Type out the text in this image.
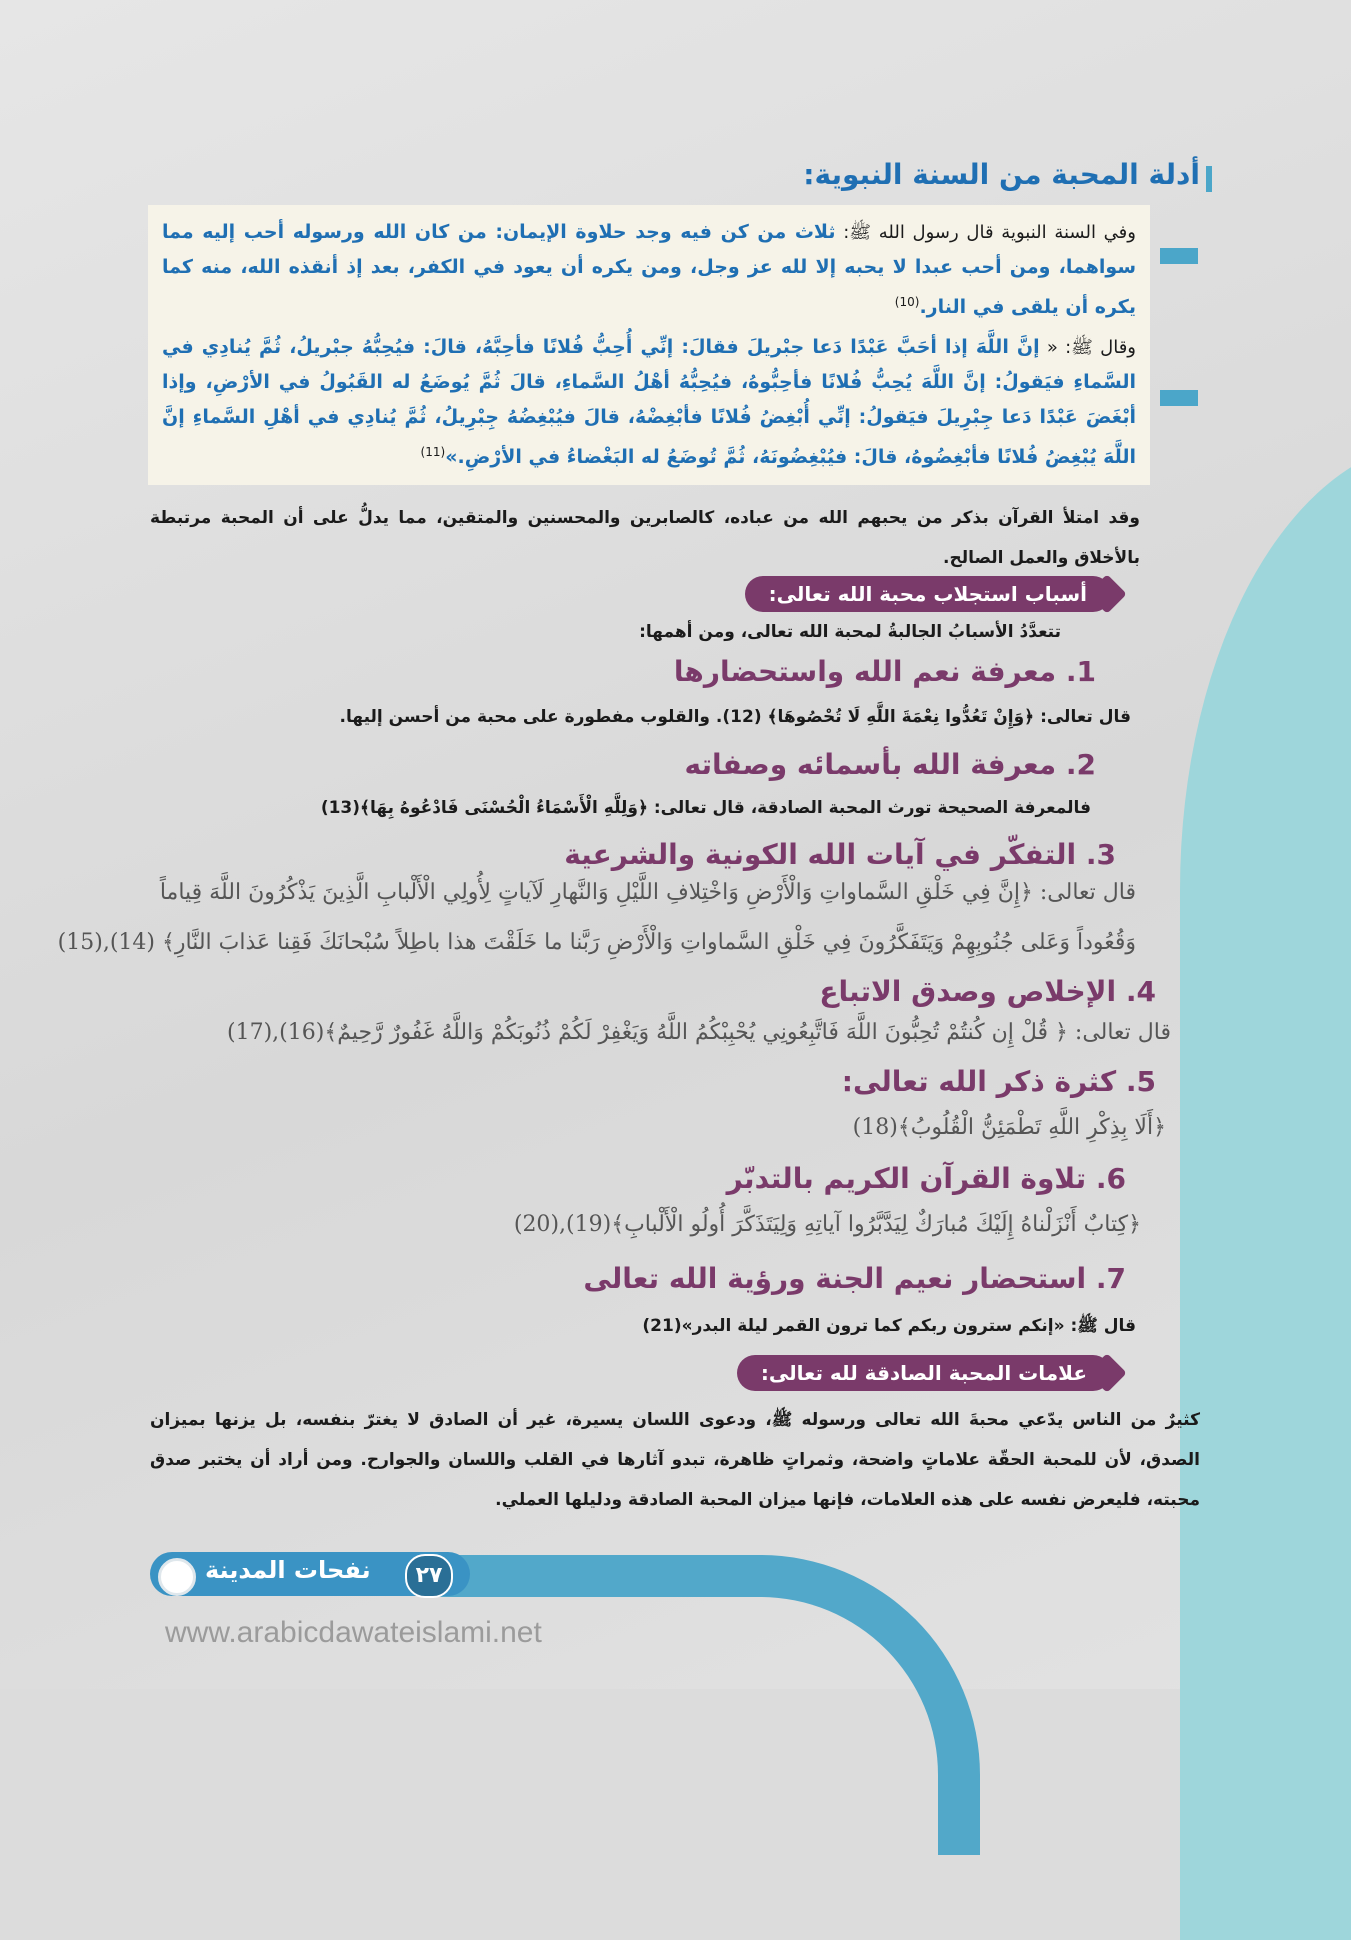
أدلة المحبة من السنة النبوية:
وفي السنة النبوية قال رسول الله ﷺ: ثلاث من كن فيه وجد حلاوة الإيمان: من كان الله ورسوله أحب إليه مما سواهما، ومن أحب عبدا لا يحبه إلا لله عز وجل، ومن يكره أن يعود في الكفر، بعد إذ أنقذه الله، منه كما يكره أن يلقى في النار.$^{(10)}$
وقال ﷺ: « إنَّ اللَّهَ إذا أحَبَّ عَبْدًا دَعا جبْريلَ فقالَ: إنِّي أُحِبُّ فُلانًا فأحِبَّهُ، قالَ: فيُحِبُّهُ جبْريلُ، ثُمَّ يُنادِي في السَّماءِ فيَقولُ: إنَّ اللَّهَ يُحِبُّ فُلانًا فأحِبُّوهُ، فيُحِبُّهُ أهْلُ السَّماءِ، قالَ ثُمَّ يُوضَعُ له القَبُولُ في الأرْضِ، وإذا أبْغَضَ عَبْدًا دَعا جِبْرِيلَ فيَقولُ: إنِّي أُبْغِضُ فُلانًا فأبْغِضْهُ، قالَ فيُبْغِضُهُ جِبْرِيلُ، ثُمَّ يُنادِي في أهْلِ السَّماءِ إنَّ اللَّهَ يُبْغِضُ فُلانًا فأبْغِضُوهُ، قالَ: فيُبْغِضُونَهُ، ثُمَّ تُوضَعُ له البَغْضاءُ في الأرْضِ.»$^{(11)}$
وقد امتلأ القرآن بذكر من يحبهم الله من عباده، كالصابرين والمحسنين والمتقين، مما يدلُّ على أن المحبة مرتبطة بالأخلاق والعمل الصالح.
أسباب استجلاب محبة الله تعالى:
تتعدَّدُ الأسبابُ الجالبةُ لمحبة الله تعالى، ومن أهمها:
1. معرفة نعم الله واستحضارها
قال تعالى: ﴿وَإِنْ تَعُدُّوا نِعْمَةَ اللَّهِ لَا تُحْصُوهَا﴾ (12). والقلوب مفطورة على محبة من أحسن إليها.
2. معرفة الله بأسمائه وصفاته
فالمعرفة الصحيحة تورث المحبة الصادقة، قال تعالى: ﴿وَلِلَّهِ الْأَسْمَاءُ الْحُسْنَى فَادْعُوهُ بِهَا﴾(13)
3. التفكّر في آيات الله الكونية والشرعية
قال تعالى: ﴿إِنَّ فِي خَلْقِ السَّماواتِ وَالْأَرْضِ وَاخْتِلافِ اللَّيْلِ وَالنَّهارِ لَآياتٍ لِأُولِي الْأَلْبابِ الَّذِينَ يَذْكُرُونَ اللَّهَ قِياماً
وَقُعُوداً وَعَلى جُنُوبِهِمْ وَيَتَفَكَّرُونَ فِي خَلْقِ السَّماواتِ وَالْأَرْضِ رَبَّنا ما خَلَقْتَ هذا باطِلاً سُبْحانَكَ فَقِنا عَذابَ النَّارِ﴾ (14),(15)
4. الإخلاص وصدق الاتباع
قال تعالى: ﴿ قُلْ إِن كُنتُمْ تُحِبُّونَ اللَّهَ فَاتَّبِعُونِي يُحْبِبْكُمُ اللَّهُ وَيَغْفِرْ لَكُمْ ذُنُوبَكُمْ وَاللَّهُ غَفُورٌ رَّحِيمٌ﴾(16),(17)
5. كثرة ذكر الله تعالى:
﴿أَلَا بِذِكْرِ اللَّهِ تَطْمَئِنُّ الْقُلُوبُ﴾(18)
6. تلاوة القرآن الكريم بالتدبّر
﴿كِتابٌ أَنْزَلْناهُ إِلَيْكَ مُبارَكٌ لِيَدَّبَّرُوا آياتِهِ وَلِيَتَذَكَّرَ أُولُو الْأَلْبابِ﴾(19),(20)
7. استحضار نعيم الجنة ورؤية الله تعالى
قال ﷺ: «إنكم سترون ربكم كما ترون القمر ليلة البدر»(21)
علامات المحبة الصادقة لله تعالى:
كثيرٌ من الناس يدّعي محبةَ الله تعالى ورسوله ﷺ، ودعوى اللسان يسيرة، غير أن الصادق لا يغترّ بنفسه، بل يزنها بميزان الصدق، لأن للمحبة الحقّة علاماتٍ واضحة، وثمراتٍ ظاهرة، تبدو آثارها في القلب واللسان والجوارح. ومن أراد أن يختبر صدق محبته، فليعرض نفسه على هذه العلامات، فإنها ميزان المحبة الصادقة ودليلها العملي.
نفحات المدينة	٢٧
www.arabicdawateislami.net
